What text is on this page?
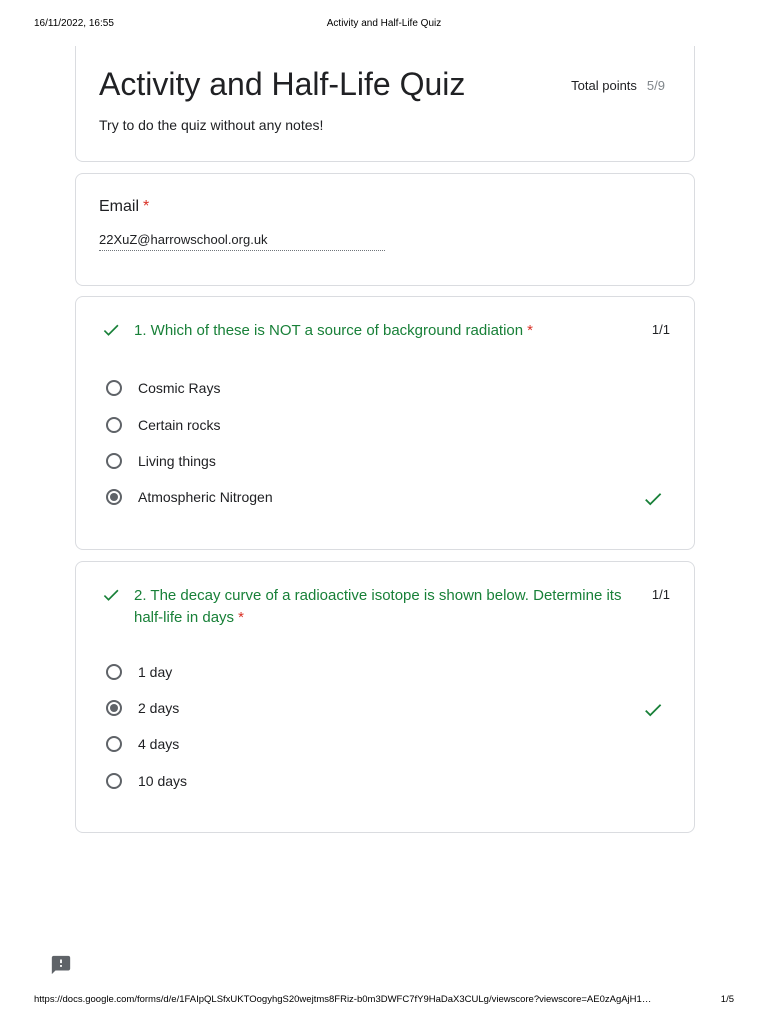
16/11/2022, 16:55	Activity and Half-Life Quiz
Activity and Half-Life Quiz	Total points 5/9
Try to do the quiz without any notes!
Email *
22XuZ@harrowschool.org.uk
1. Which of these is NOT a source of background radiation *	1/1
Cosmic Rays
Certain rocks
Living things
Atmospheric Nitrogen
2. The decay curve of a radioactive isotope is shown below. Determine its half-life in days *
1/1
1 day
2 days
4 days
10 days
https://docs.google.com/forms/d/e/1FAIpQLSfxUKTOogyhgS20wejtms8FRiz-b0m3DWFC7fY9HaDaX3CULg/viewscore?viewscore=AE0zAgAjH1…	1/5
